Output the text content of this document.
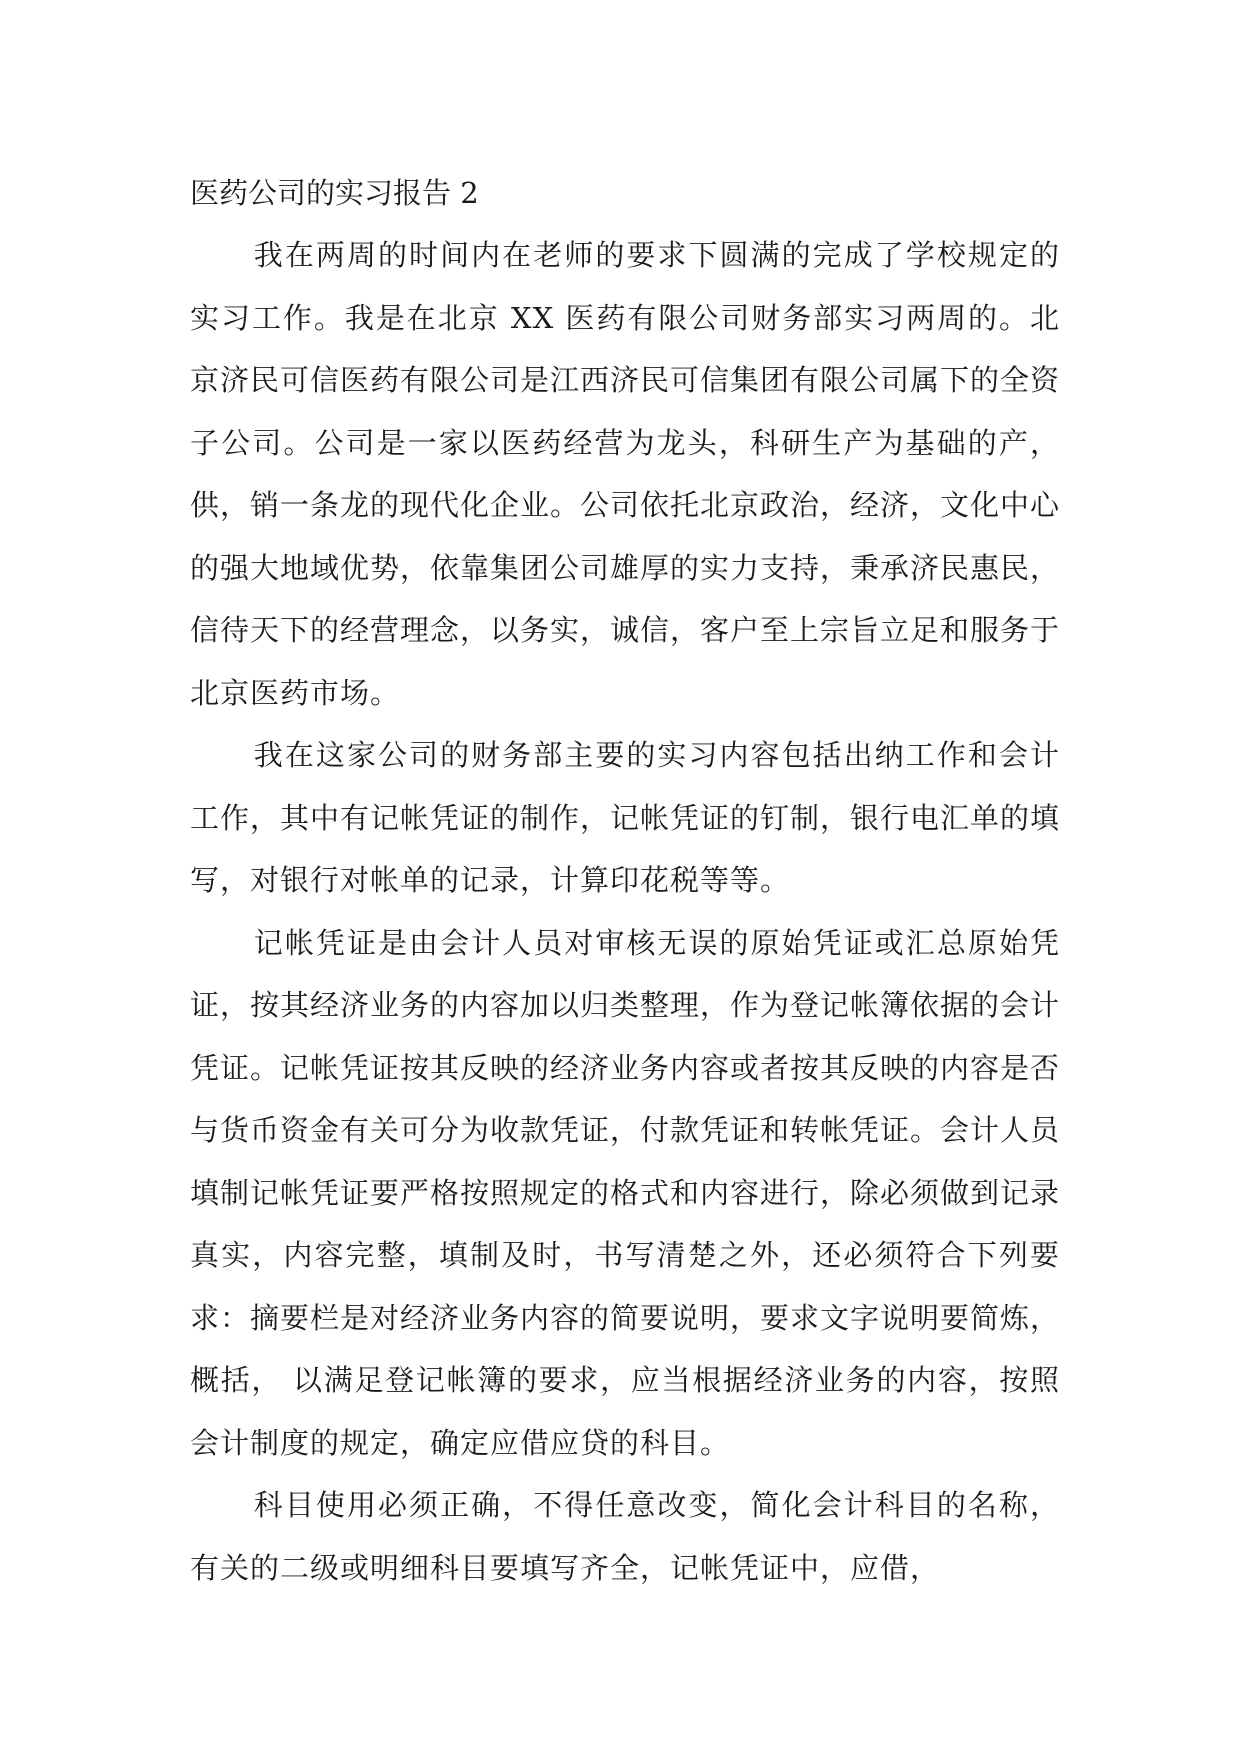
医药公司的实习报告 2

我在两周的时间内在老师的要求下圆满的完成了学校规定的实习工作。我是在北京 XX 医药有限公司财务部实习两周的。北京济民可信医药有限公司是江西济民可信集团有限公司属下的全资子公司。公司是一家以医药经营为龙头，科研生产为基础的产，供，销一条龙的现代化企业。公司依托北京政治，经济，文化中心的强大地域优势，依靠集团公司雄厚的实力支持，秉承济民惠民，信待天下的经营理念，以务实，诚信，客户至上宗旨立足和服务于北京医药市场。

我在这家公司的财务部主要的实习内容包括出纳工作和会计工作，其中有记帐凭证的制作，记帐凭证的钉制，银行电汇单的填写，对银行对帐单的记录，计算印花税等等。

记帐凭证是由会计人员对审核无误的原始凭证或汇总原始凭证，按其经济业务的内容加以归类整理，作为登记帐簿依据的会计凭证。记帐凭证按其反映的经济业务内容或者按其反映的内容是否与货币资金有关可分为收款凭证，付款凭证和转帐凭证。会计人员填制记帐凭证要严格按照规定的格式和内容进行，除必须做到记录真实，内容完整，填制及时，书写清楚之外，还必须符合下列要求：摘要栏是对经济业务内容的简要说明，要求文字说明要简炼，概括， 以满足登记帐簿的要求，应当根据经济业务的内容，按照会计制度的规定，确定应借应贷的科目。

科目使用必须正确，不得任意改变，简化会计科目的名称，有关的二级或明细科目要填写齐全，记帐凭证中，应借，
